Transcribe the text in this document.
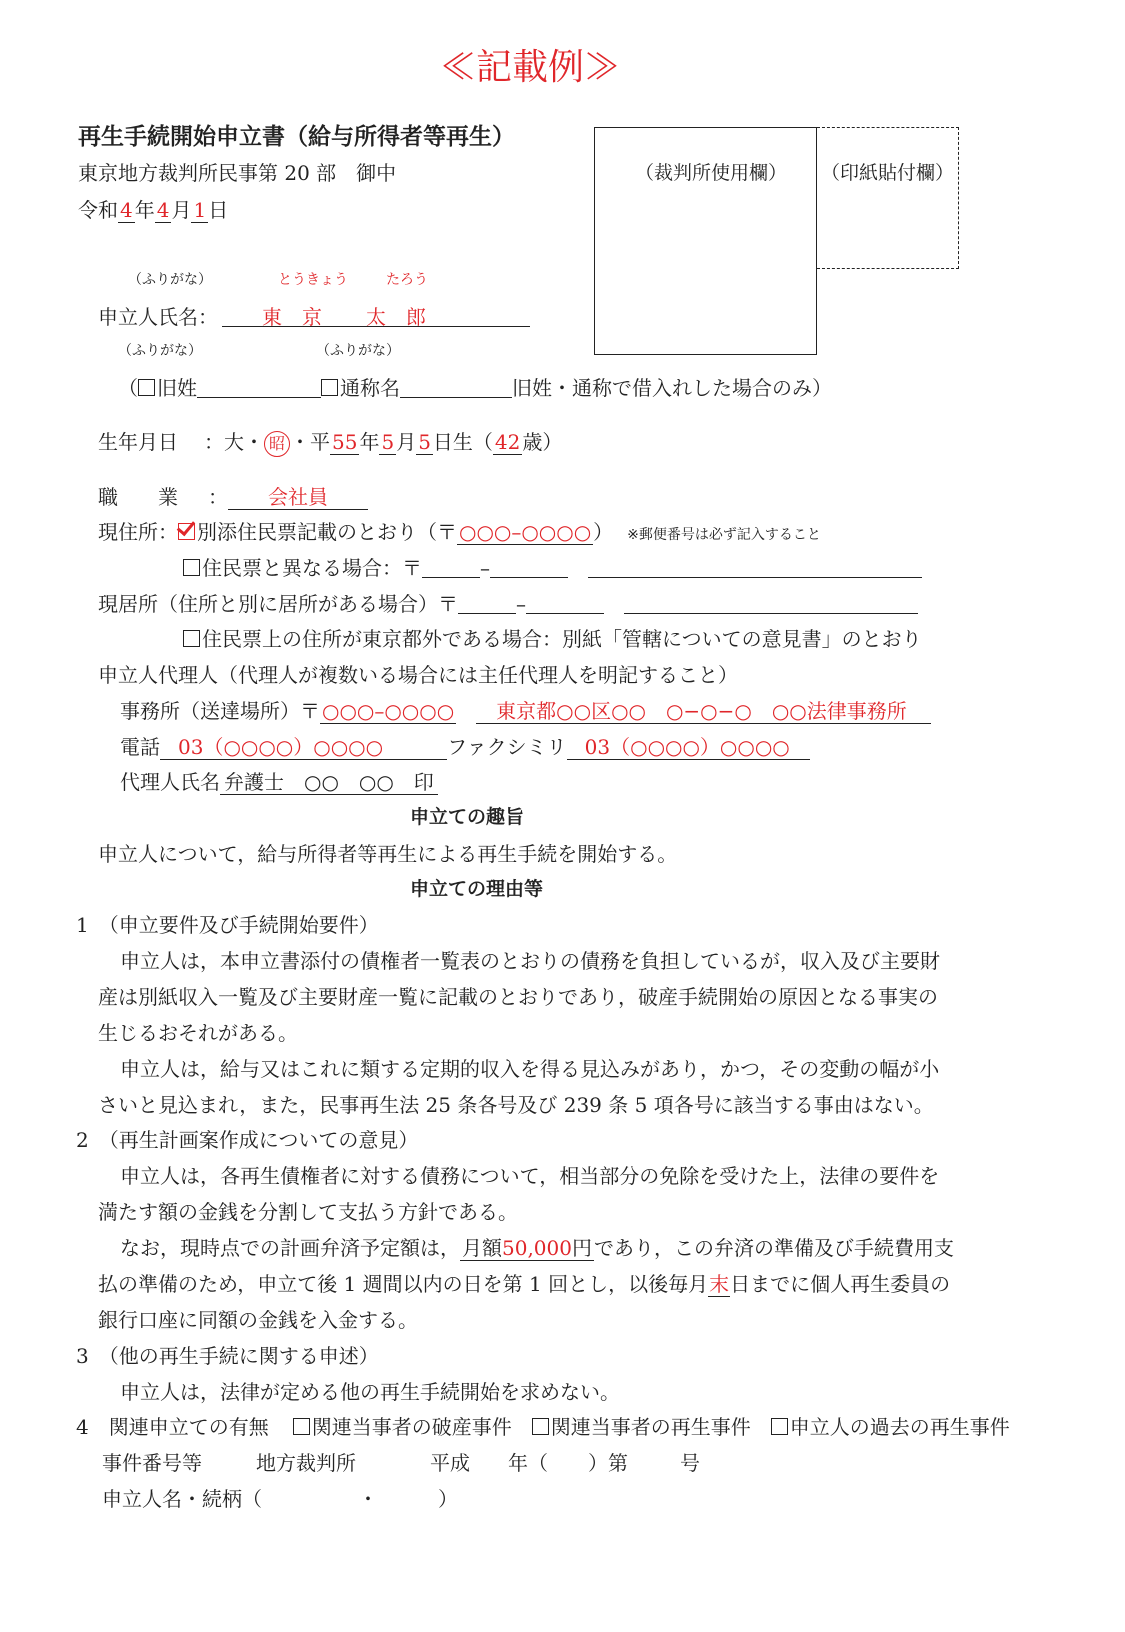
≪記載例≫
再生手続開始申立書（給与所得者等再生）
東京地方裁判所民事第 20 部　御中
令和 4 年 4 月 1 日
（裁判所使用欄） （印紙貼付欄）
（ふりがな）	とうきょう	たろう
申立人氏名： 東　京 太　郎
（ふりがな）	（ふりがな）
（ 旧姓	通称名	旧姓・通称で借入れした場合のみ）
生年月日 ：大・ 昭 ・平 55 年 5 月 5 日生（ 42 歳）
職　　業 ： 会社員
現住所： 別添住民票記載のとおり（〒 ○○○–○○○○ ） ※郵便番号は必ず記入すること
住民票と異なる場合：〒	–
現居所（住所と別に居所がある場合）〒	–
住民票上の住所が東京都外である場合：別紙「管轄についての意見書」のとおり
申立人代理人（代理人が複数いる場合には主任代理人を明記すること）
事務所（送達場所）〒 ○○○–○○○○ 東京都○○区○○　○−○−○　○○法律事務所
電話 03（○○○○）○○○○	ファクシミリ 03（○○○○）○○○○
代理人氏名 弁護士　○○　○○　印
申立ての趣旨
申立人について，給与所得者等再生による再生手続を開始する。
申立ての理由等
1　（申立要件及び手続開始要件）
申立人は，本申立書添付の債権者一覧表のとおりの債務を負担しているが，収入及び主要財
産は別紙収入一覧及び主要財産一覧に記載のとおりであり，破産手続開始の原因となる事実の
生じるおそれがある。
申立人は，給与又はこれに類する定期的収入を得る見込みがあり，かつ，その変動の幅が小
さいと見込まれ，また，民事再生法 25 条各号及び 239 条 5 項各号に該当する事由はない。
2　（再生計画案作成についての意見）
申立人は，各再生債権者に対する債務について，相当部分の免除を受けた上，法律の要件を
満たす額の金銭を分割して支払う方針である。
なお，現時点での計画弁済予定額は， 月額50,000円 であり，この弁済の準備及び手続費用支
払の準備のため，申立て後 1 週間以内の日を第 1 回とし，以後毎月末日までに個人再生委員の
銀行口座に同額の金銭を入金する。
3　（他の再生手続に関する申述）
申立人は，法律が定める他の再生手続開始を求めない。
4　関連申立ての有無 関連当事者の破産事件 関連当事者の再生事件 申立人の過去の再生事件
事件番号等	地方裁判所	平成 年（　　）第	号
申立人名・続柄（	・	）
